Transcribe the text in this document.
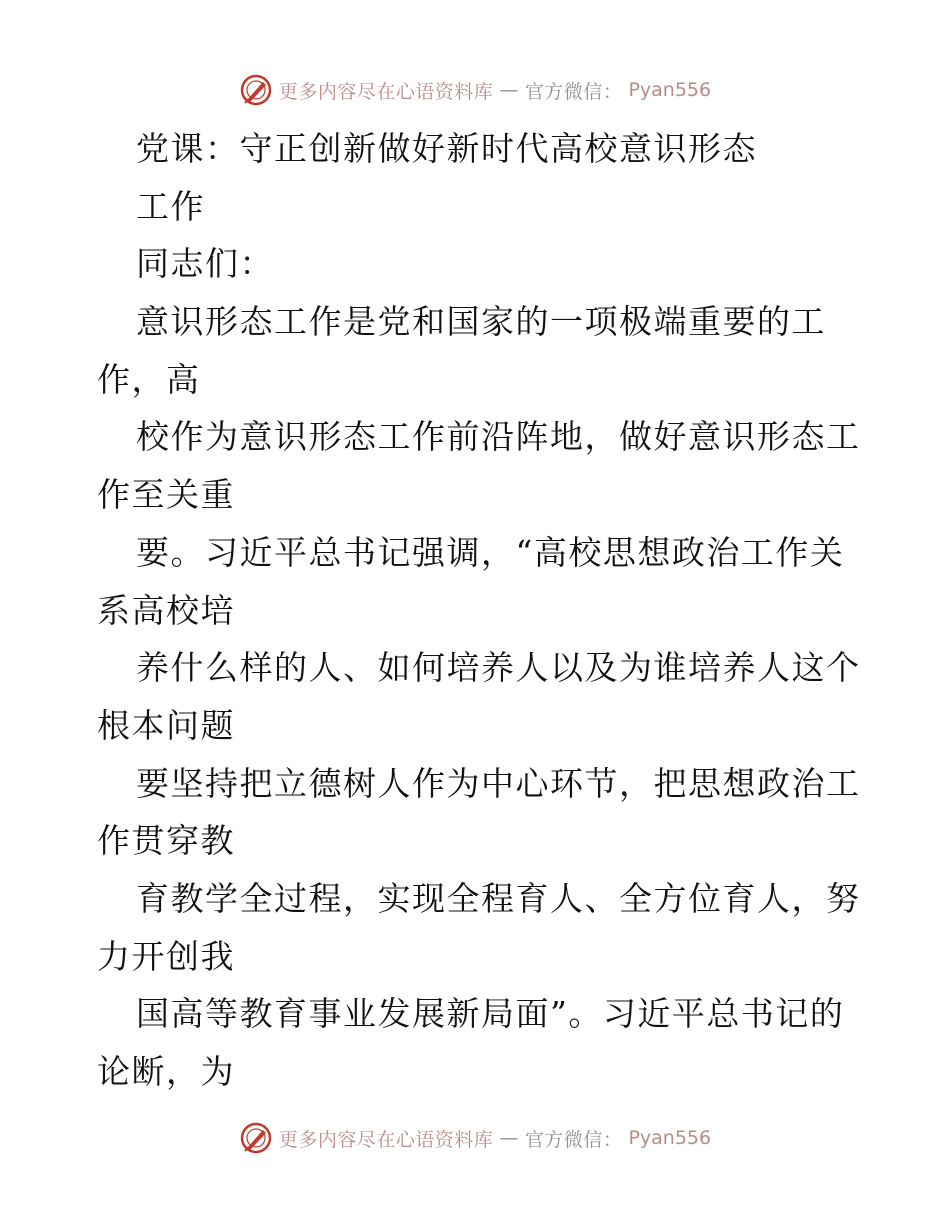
更多内容尽在心语资料库 — 官方微信： Pyan556
党课：守正创新做好新时代高校意识形态
工作
同志们：
意识形态工作是党和国家的一项极端重要的工
作，高
校作为意识形态工作前沿阵地，做好意识形态工
作至关重
要。习近平总书记强调，“高校思想政治工作关
系高校培
养什么样的人、如何培养人以及为谁培养人这个
根本问题
要坚持把立德树人作为中心环节，把思想政治工
作贯穿教
育教学全过程，实现全程育人、全方位育人，努
力开创我
国高等教育事业发展新局面”。习近平总书记的
论断，为
更多内容尽在心语资料库 — 官方微信： Pyan556
